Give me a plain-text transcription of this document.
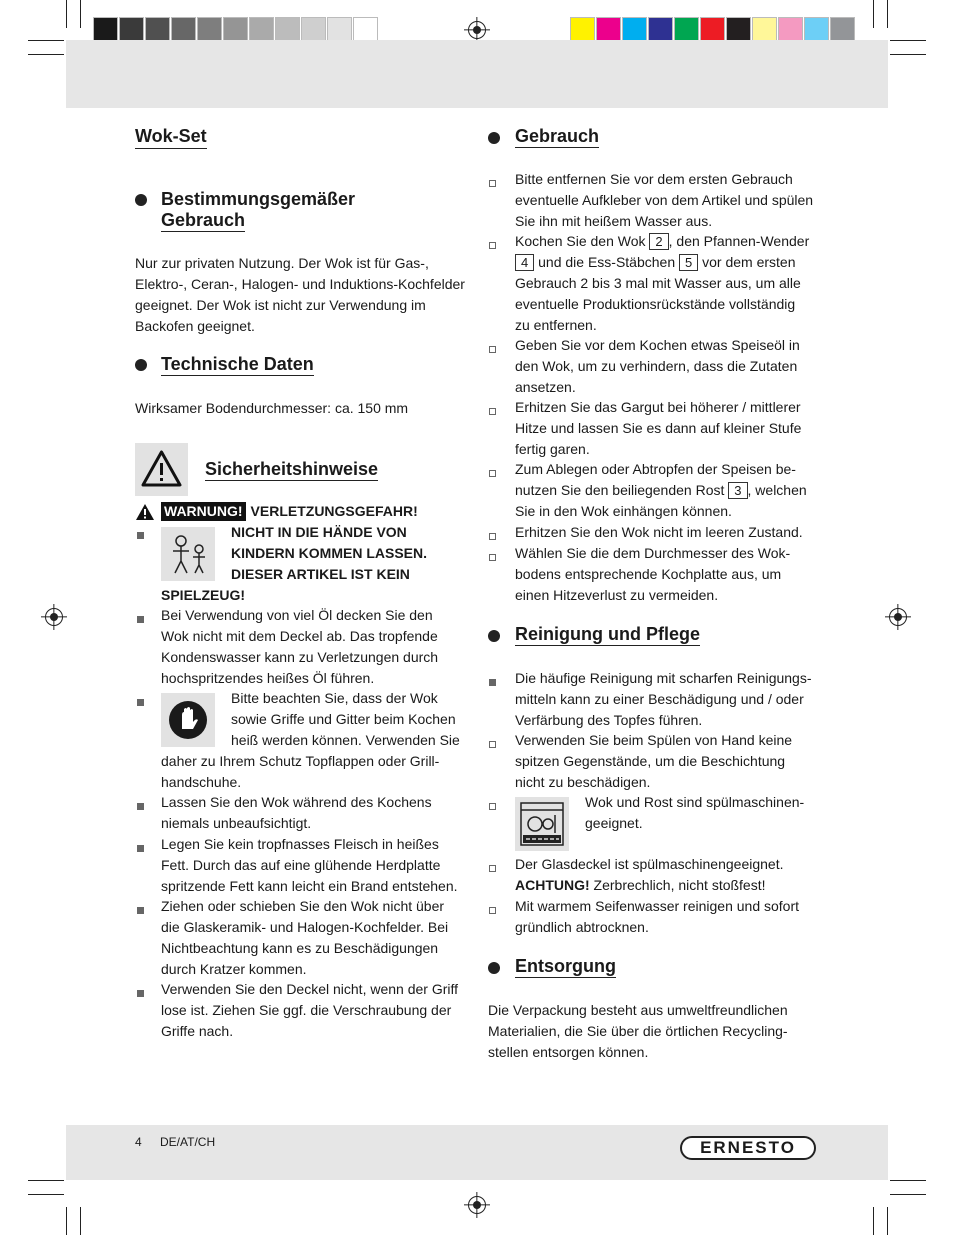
Wok-Set
Bestimmungsgemäßer
Gebrauch
Nur zur privaten Nutzung. Der Wok ist für Gas-,
Elektro-, Ceran-, Halogen- und Induktions-Kochfelder
geeignet. Der Wok ist nicht zur Verwendung im
Backofen geeignet.
Technische Daten
Wirksamer Bodendurchmesser: ca. 150 mm
Sicherheitshinweise
WARNUNG! VERLETZUNGSGEFAHR!
NICHT IN DIE HÄNDE VON
KINDERN KOMMEN LASSEN.
DIESER ARTIKEL IST KEIN
SPIELZEUG!
Bei Verwendung von viel Öl decken Sie den
Wok nicht mit dem Deckel ab. Das tropfende
Kondenswasser kann zu Verletzungen durch
hochspritzendes heißes Öl führen.
Bitte beachten Sie, dass der Wok
sowie Griffe und Gitter beim Kochen
heiß werden können. Verwenden Sie
daher zu Ihrem Schutz Topflappen oder Grill-
handschuhe.
Lassen Sie den Wok während des Kochens
niemals unbeaufsichtigt.
Legen Sie kein tropfnasses Fleisch in heißes
Fett. Durch das auf eine glühende Herdplatte
spritzende Fett kann leicht ein Brand entstehen.
Ziehen oder schieben Sie den Wok nicht über
die Glaskeramik- und Halogen-Kochfelder. Bei
Nichtbeachtung kann es zu Beschädigungen
durch Kratzer kommen.
Verwenden Sie den Deckel nicht, wenn der Griff
lose ist. Ziehen Sie ggf. die Verschraubung der
Griffe nach.
Gebrauch
Bitte entfernen Sie vor dem ersten Gebrauch
eventuelle Aufkleber von dem Artikel und spülen
Sie ihn mit heißem Wasser aus.
Kochen Sie den Wok 2 , den Pfannen-Wender
4 und die Ess-Stäbchen 5 vor dem ersten
Gebrauch 2 bis 3 mal mit Wasser aus, um alle
eventuelle Produktionsrückstände vollständig
zu entfernen.
Geben Sie vor dem Kochen etwas Speiseöl in
den Wok, um zu verhindern, dass die Zutaten
ansetzen.
Erhitzen Sie das Gargut bei höherer / mittlerer
Hitze und lassen Sie es dann auf kleiner Stufe
fertig garen.
Zum Ablegen oder Abtropfen der Speisen be-
nutzen Sie den beiliegenden Rost 3 , welchen
Sie in den Wok einhängen können.
Erhitzen Sie den Wok nicht im leeren Zustand.
Wählen Sie die dem Durchmesser des Wok-
bodens entsprechende Kochplatte aus, um
einen Hitzeverlust zu vermeiden.
Reinigung und Pflege
Die häufige Reinigung mit scharfen Reinigungs-
mitteln kann zu einer Beschädigung und / oder
Verfärbung des Topfes führen.
Verwenden Sie beim Spülen von Hand keine
spitzen Gegenstände, um die Beschichtung
nicht zu beschädigen.
Wok und Rost sind spülmaschinen-
geeignet.
Der Glasdeckel ist spülmaschinengeeignet.
ACHTUNG! Zerbrechlich, nicht stoßfest!
Mit warmem Seifenwasser reinigen und sofort
gründlich abtrocknen.
Entsorgung
Die Verpackung besteht aus umweltfreundlichen
Materialien, die Sie über die örtlichen Recycling-
stellen entsorgen können.
4 DE/AT/CH	ERNESTO
